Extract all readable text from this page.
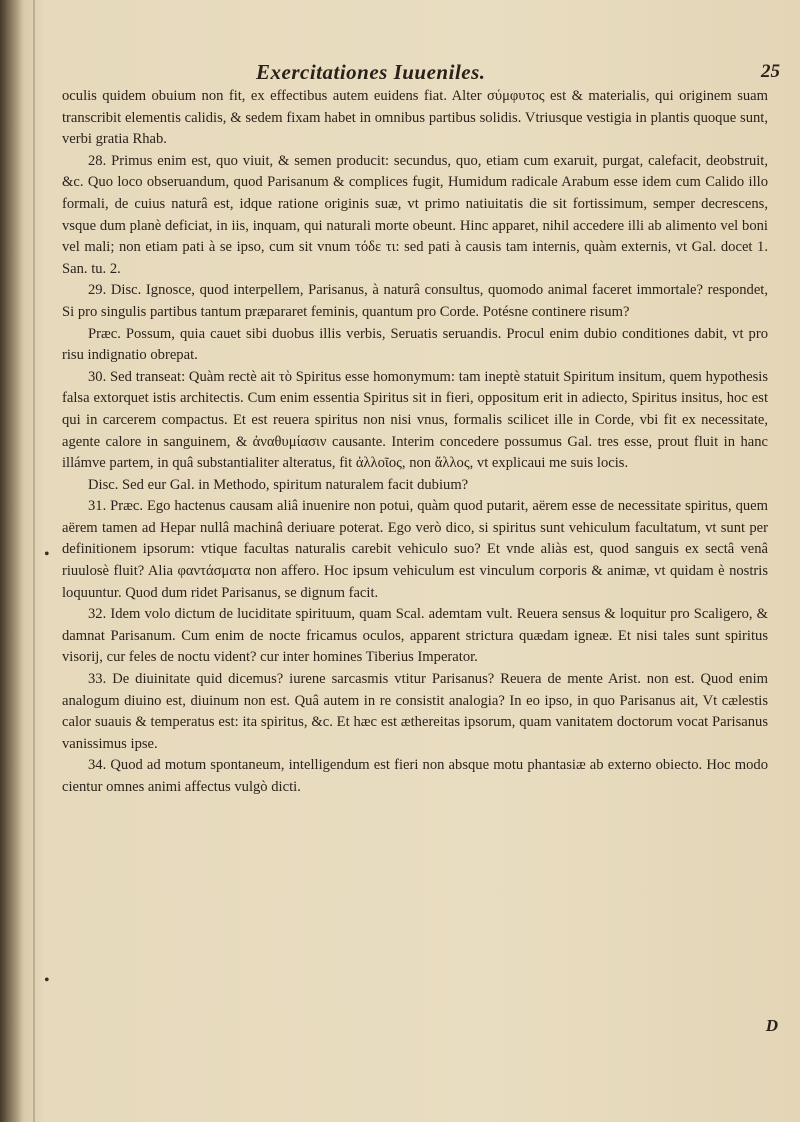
Exercitationes Iuueniles.	25

oculis quidem obuium non fit, ex effectibus autem euidens fiat. Alter σύμφυτος est & materialis, qui originem suam transcribit elementis calidis, & sedem fixam habet in omnibus partibus solidis. Vtriusque vestigia in plantis quoque sunt, verbi gratia Rhab.

28. Primus enim est, quo viuit, & semen producit: secundus, quo, etiam cum exaruit, purgat, calefacit, deobstruit, &c. Quo loco obseruandum, quod Parisanum & complices fugit, Humidum radicale Arabum esse idem cum Calido illo formali, de cuius naturâ est, idque ratione originis suæ, vt primo natiuitatis die sit fortissimum, semper decrescens, vsque dum planè deficiat, in iis, inquam, qui naturali morte obeunt. Hinc apparet, nihil accedere illi ab alimento vel boni vel mali; non etiam pati à se ipso, cum sit vnum τόδε τι: sed pati à causis tam internis, quàm externis, vt Gal. docet 1. San. tu. 2.

29. Disc. Ignosce, quod interpellem, Parisanus, à naturâ consultus, quomodo animal faceret immortale? respondet, Si pro singulis partibus tantum præpararet feminis, quantum pro Corde. Potésne continere risum?

Præc. Possum, quia cauet sibi duobus illis verbis, Seruatis seruandis. Procul enim dubio conditiones dabit, vt pro risu indignatio obrepat.

30. Sed transeat: Quàm rectè ait τὸ Spiritus esse homonymum: tam ineptè statuit Spiritum insitum, quem hypothesis falsa extorquet istis architectis. Cum enim essentia Spiritus sit in fieri, oppositum erit in adiecto, Spiritus insitus, hoc est qui in carcerem compactus. Et est reuera spiritus non nisi vnus, formalis scilicet ille in Corde, vbi fit ex necessitate, agente calore in sanguinem, & ἀναθυμίασιν causante. Interim concedere possumus Gal. tres esse, prout fluit in hanc illámve partem, in quâ substantialiter alteratus, fit ἀλλοῖος, non ἄλλος, vt explicaui me suis locis.

Disc. Sed eur Gal. in Methodo, spiritum naturalem facit dubium?

31. Præc. Ego hactenus causam aliâ inuenire non potui, quàm quod putarit, aërem esse de necessitate spiritus, quem aërem tamen ad Hepar nullâ machinâ deriuare poterat. Ego verò dico, si spiritus sunt vehiculum facultatum, vt sunt per definitionem ipsorum: vtique facultas naturalis carebit vehiculo suo? Et vnde aliàs est, quod sanguis ex sectâ venâ riuulosè fluit? Alia φαντάσματα non affero. Hoc ipsum vehiculum est vinculum corporis & animæ, vt quidam è nostris loquuntur. Quod dum ridet Parisanus, se dignum facit.

32. Idem volo dictum de luciditate spirituum, quam Scal. ademtam vult. Reuera sensus & loquitur pro Scaligero, & damnat Parisanum. Cum enim de nocte fricamus oculos, apparent strictura quædam igneæ. Et nisi tales sunt spiritus visorij, cur feles de noctu vident? cur inter homines Tiberius Imperator.

33. De diuinitate quid dicemus? iurene sarcasmis vtitur Parisanus? Reuera de mente Arist. non est. Quod enim analogum diuino est, diuinum non est. Quâ autem in re consistit analogia? In eo ipso, in quo Parisanus ait, Vt cælestis calor suauis & temperatus est: ita spiritus, &c. Et hæc est æthereitas ipsorum, quam vanitatem doctorum vocat Parisanus vanissimus ipse.

34. Quod ad motum spontaneum, intelligendum est fieri non absque motu phantasiæ ab externo obiecto. Hoc modo cientur omnes animi affectus vulgò dicti.

•
•
D
